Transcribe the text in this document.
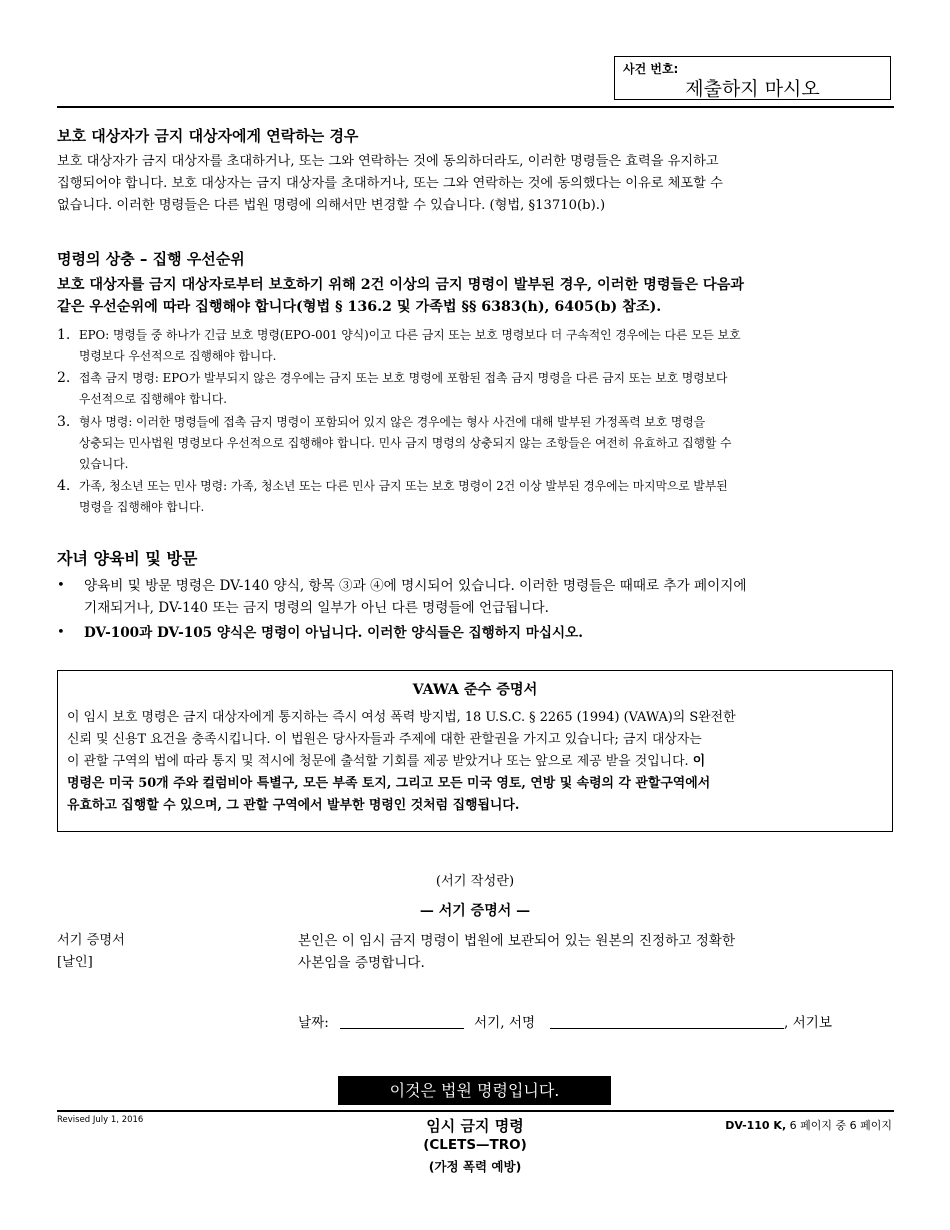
사건 번호:
제출하지 마시오
보호 대상자가 금지 대상자에게 연락하는 경우
보호 대상자가 금지 대상자를 초대하거나, 또는 그와 연락하는 것에 동의하더라도, 이러한 명령들은 효력을 유지하고
집행되어야 합니다. 보호 대상자는 금지 대상자를 초대하거나, 또는 그와 연락하는 것에 동의했다는 이유로 체포할 수
없습니다. 이러한 명령들은 다른 법원 명령에 의해서만 변경할 수 있습니다. (형법, §13710(b).)
명령의 상충 – 집행 우선순위
보호 대상자를 금지 대상자로부터 보호하기 위해 2건 이상의 금지 명령이 발부된 경우, 이러한 명령들은 다음과
같은 우선순위에 따라 집행해야 합니다(형법 § 136.2 및 가족법 §§ 6383(h), 6405(b) 참조).
1. EPO: 명령들 중 하나가 긴급 보호 명령(EPO-001 양식)이고 다른 금지 또는 보호 명령보다 더 구속적인 경우에는 다른 모든 보호
명령보다 우선적으로 집행해야 합니다.
2. 접촉 금지 명령: EPO가 발부되지 않은 경우에는 금지 또는 보호 명령에 포함된 접촉 금지 명령을 다른 금지 또는 보호 명령보다
우선적으로 집행해야 합니다.
3. 형사 명령: 이러한 명령들에 접촉 금지 명령이 포함되어 있지 않은 경우에는 형사 사건에 대해 발부된 가정폭력 보호 명령을
상충되는 민사법원 명령보다 우선적으로 집행해야 합니다. 민사 금지 명령의 상충되지 않는 조항들은 여전히 유효하고 집행할 수
있습니다.
4. 가족, 청소년 또는 민사 명령: 가족, 청소년 또는 다른 민사 금지 또는 보호 명령이 2건 이상 발부된 경우에는 마지막으로 발부된
명령을 집행해야 합니다.
자녀 양육비 및 방문
• 양육비 및 방문 명령은 DV-140 양식, 항목 ③과 ④에 명시되어 있습니다. 이러한 명령들은 때때로 추가 페이지에
기재되거나, DV-140 또는 금지 명령의 일부가 아닌 다른 명령들에 언급됩니다.
• DV-100과 DV-105 양식은 명령이 아닙니다. 이러한 양식들은 집행하지 마십시오.
VAWA 준수 증명서
이 임시 보호 명령은 금지 대상자에게 통지하는 즉시 여성 폭력 방지법, 18 U.S.C. § 2265 (1994) (VAWA)의 S완전한
신뢰 및 신용T 요건을 충족시킵니다. 이 법원은 당사자들과 주제에 대한 관할권을 가지고 있습니다; 금지 대상자는
이 관할 구역의 법에 따라 통지 및 적시에 청문에 출석할 기회를 제공 받았거나 또는 앞으로 제공 받을 것입니다. 이
명령은 미국 50개 주와 컬럼비아 특별구, 모든 부족 토지, 그리고 모든 미국 영토, 연방 및 속령의 각 관할구역에서
유효하고 집행할 수 있으며, 그 관할 구역에서 발부한 명령인 것처럼 집행됩니다.
(서기 작성란)
— 서기 증명서 —
서기 증명서
[날인]
본인은 이 임시 금지 명령이 법원에 보관되어 있는 원본의 진정하고 정확한
사본임을 증명합니다.
날짜:	서기, 서명	, 서기보
이것은 법원 명령입니다.
Revised July 1, 2016	임시 금지 명령
(CLETS—TRO)
(가정 폭력 예방)
DV-110 K, 6 페이지 중 6 페이지
